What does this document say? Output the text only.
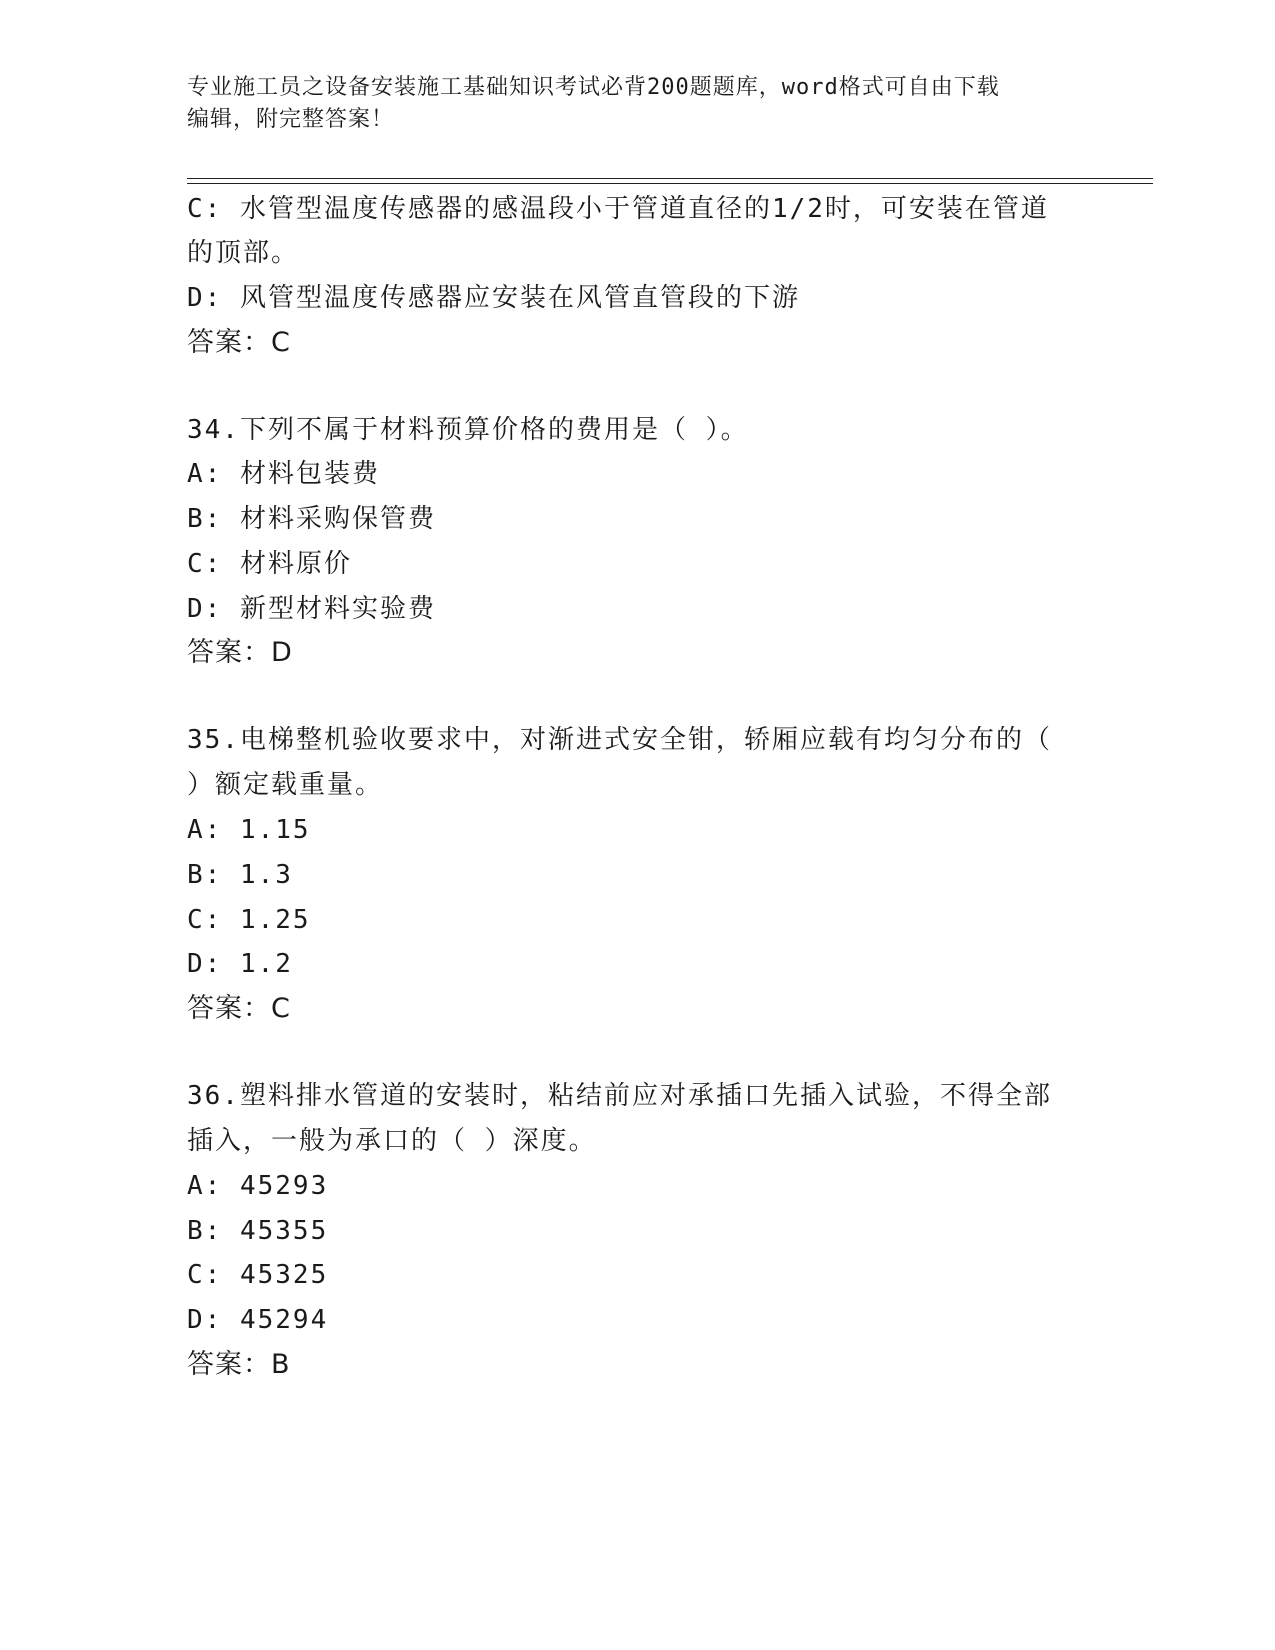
专业施工员之设备安装施工基础知识考试必背200题题库，word格式可自由下载
编辑，附完整答案！
C: 水管型温度传感器的感温段小于管道直径的1/2时，可安装在管道
的顶部。
D: 风管型温度传感器应安装在风管直管段的下游
答案：C
34.下列不属于材料预算价格的费用是（ ）。
A: 材料包装费
B: 材料采购保管费
C: 材料原价
D: 新型材料实验费
答案：D
35.电梯整机验收要求中，对渐进式安全钳，轿厢应载有均匀分布的（
）额定载重量。
A: 1.15
B: 1.3
C: 1.25
D: 1.2
答案：C
36.塑料排水管道的安装时，粘结前应对承插口先插入试验，不得全部
插入，一般为承口的（ ）深度。
A: 45293
B: 45355
C: 45325
D: 45294
答案：B
